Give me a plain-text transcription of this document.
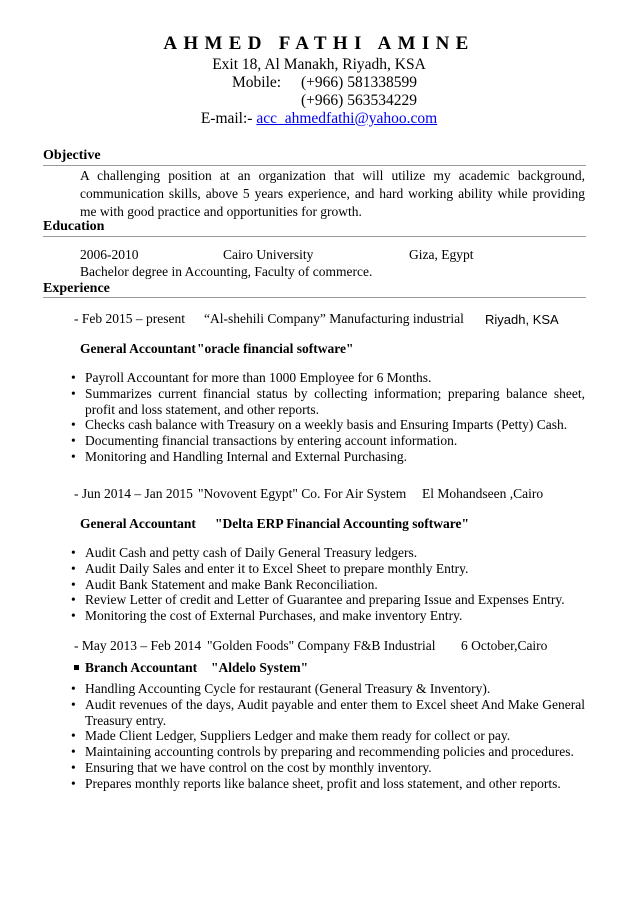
AHMED FATHI AMINE
Exit 18, Al Manakh, Riyadh, KSA
Mobile: (+966) 581338599
(+966) 563534229
E-mail:- acc_ahmedfathi@yahoo.com
Objective
A challenging position at an organization that will utilize my academic background, communication skills, above 5 years experience, and hard working ability while providing me with good practice and opportunities for growth.
Education
2006-2010	Cairo University	Giza, Egypt
Bachelor degree in Accounting, Faculty of commerce.
Experience
- Feb 2015 – present “Al-shehili Company” Manufacturing industrial Riyadh, KSA
General Accountant "oracle financial software"
• Payroll Accountant for more than 1000 Employee for 6 Months.
• Summarizes current financial status by collecting information; preparing balance sheet, profit and loss statement, and other reports.
• Checks cash balance with Treasury on a weekly basis and Ensuring Imparts (Petty) Cash.
• Documenting financial transactions by entering account information.
• Monitoring and Handling Internal and External Purchasing.
- Jun 2014 – Jan 2015 "Novovent Egypt" Co. For Air System El Mohandseen ,Cairo
General Accountant "Delta ERP Financial Accounting software"
• Audit Cash and petty cash of Daily General Treasury ledgers.
• Audit Daily Sales and enter it to Excel Sheet to prepare monthly Entry.
• Audit Bank Statement and make Bank Reconciliation.
• Review Letter of credit and Letter of Guarantee and preparing Issue and Expenses Entry.
• Monitoring the cost of External Purchases, and make inventory Entry.
- May 2013 – Feb 2014 "Golden Foods" Company F&B Industrial 6 October,Cairo
Branch Accountant "Aldelo System"
• Handling Accounting Cycle for restaurant (General Treasury & Inventory).
• Audit revenues of the days, Audit payable and enter them to Excel sheet And Make General Treasury entry.
• Made Client Ledger, Suppliers Ledger and make them ready for collect or pay.
• Maintaining accounting controls by preparing and recommending policies and procedures.
• Ensuring that we have control on the cost by monthly inventory.
• Prepares monthly reports like balance sheet, profit and loss statement, and other reports.
